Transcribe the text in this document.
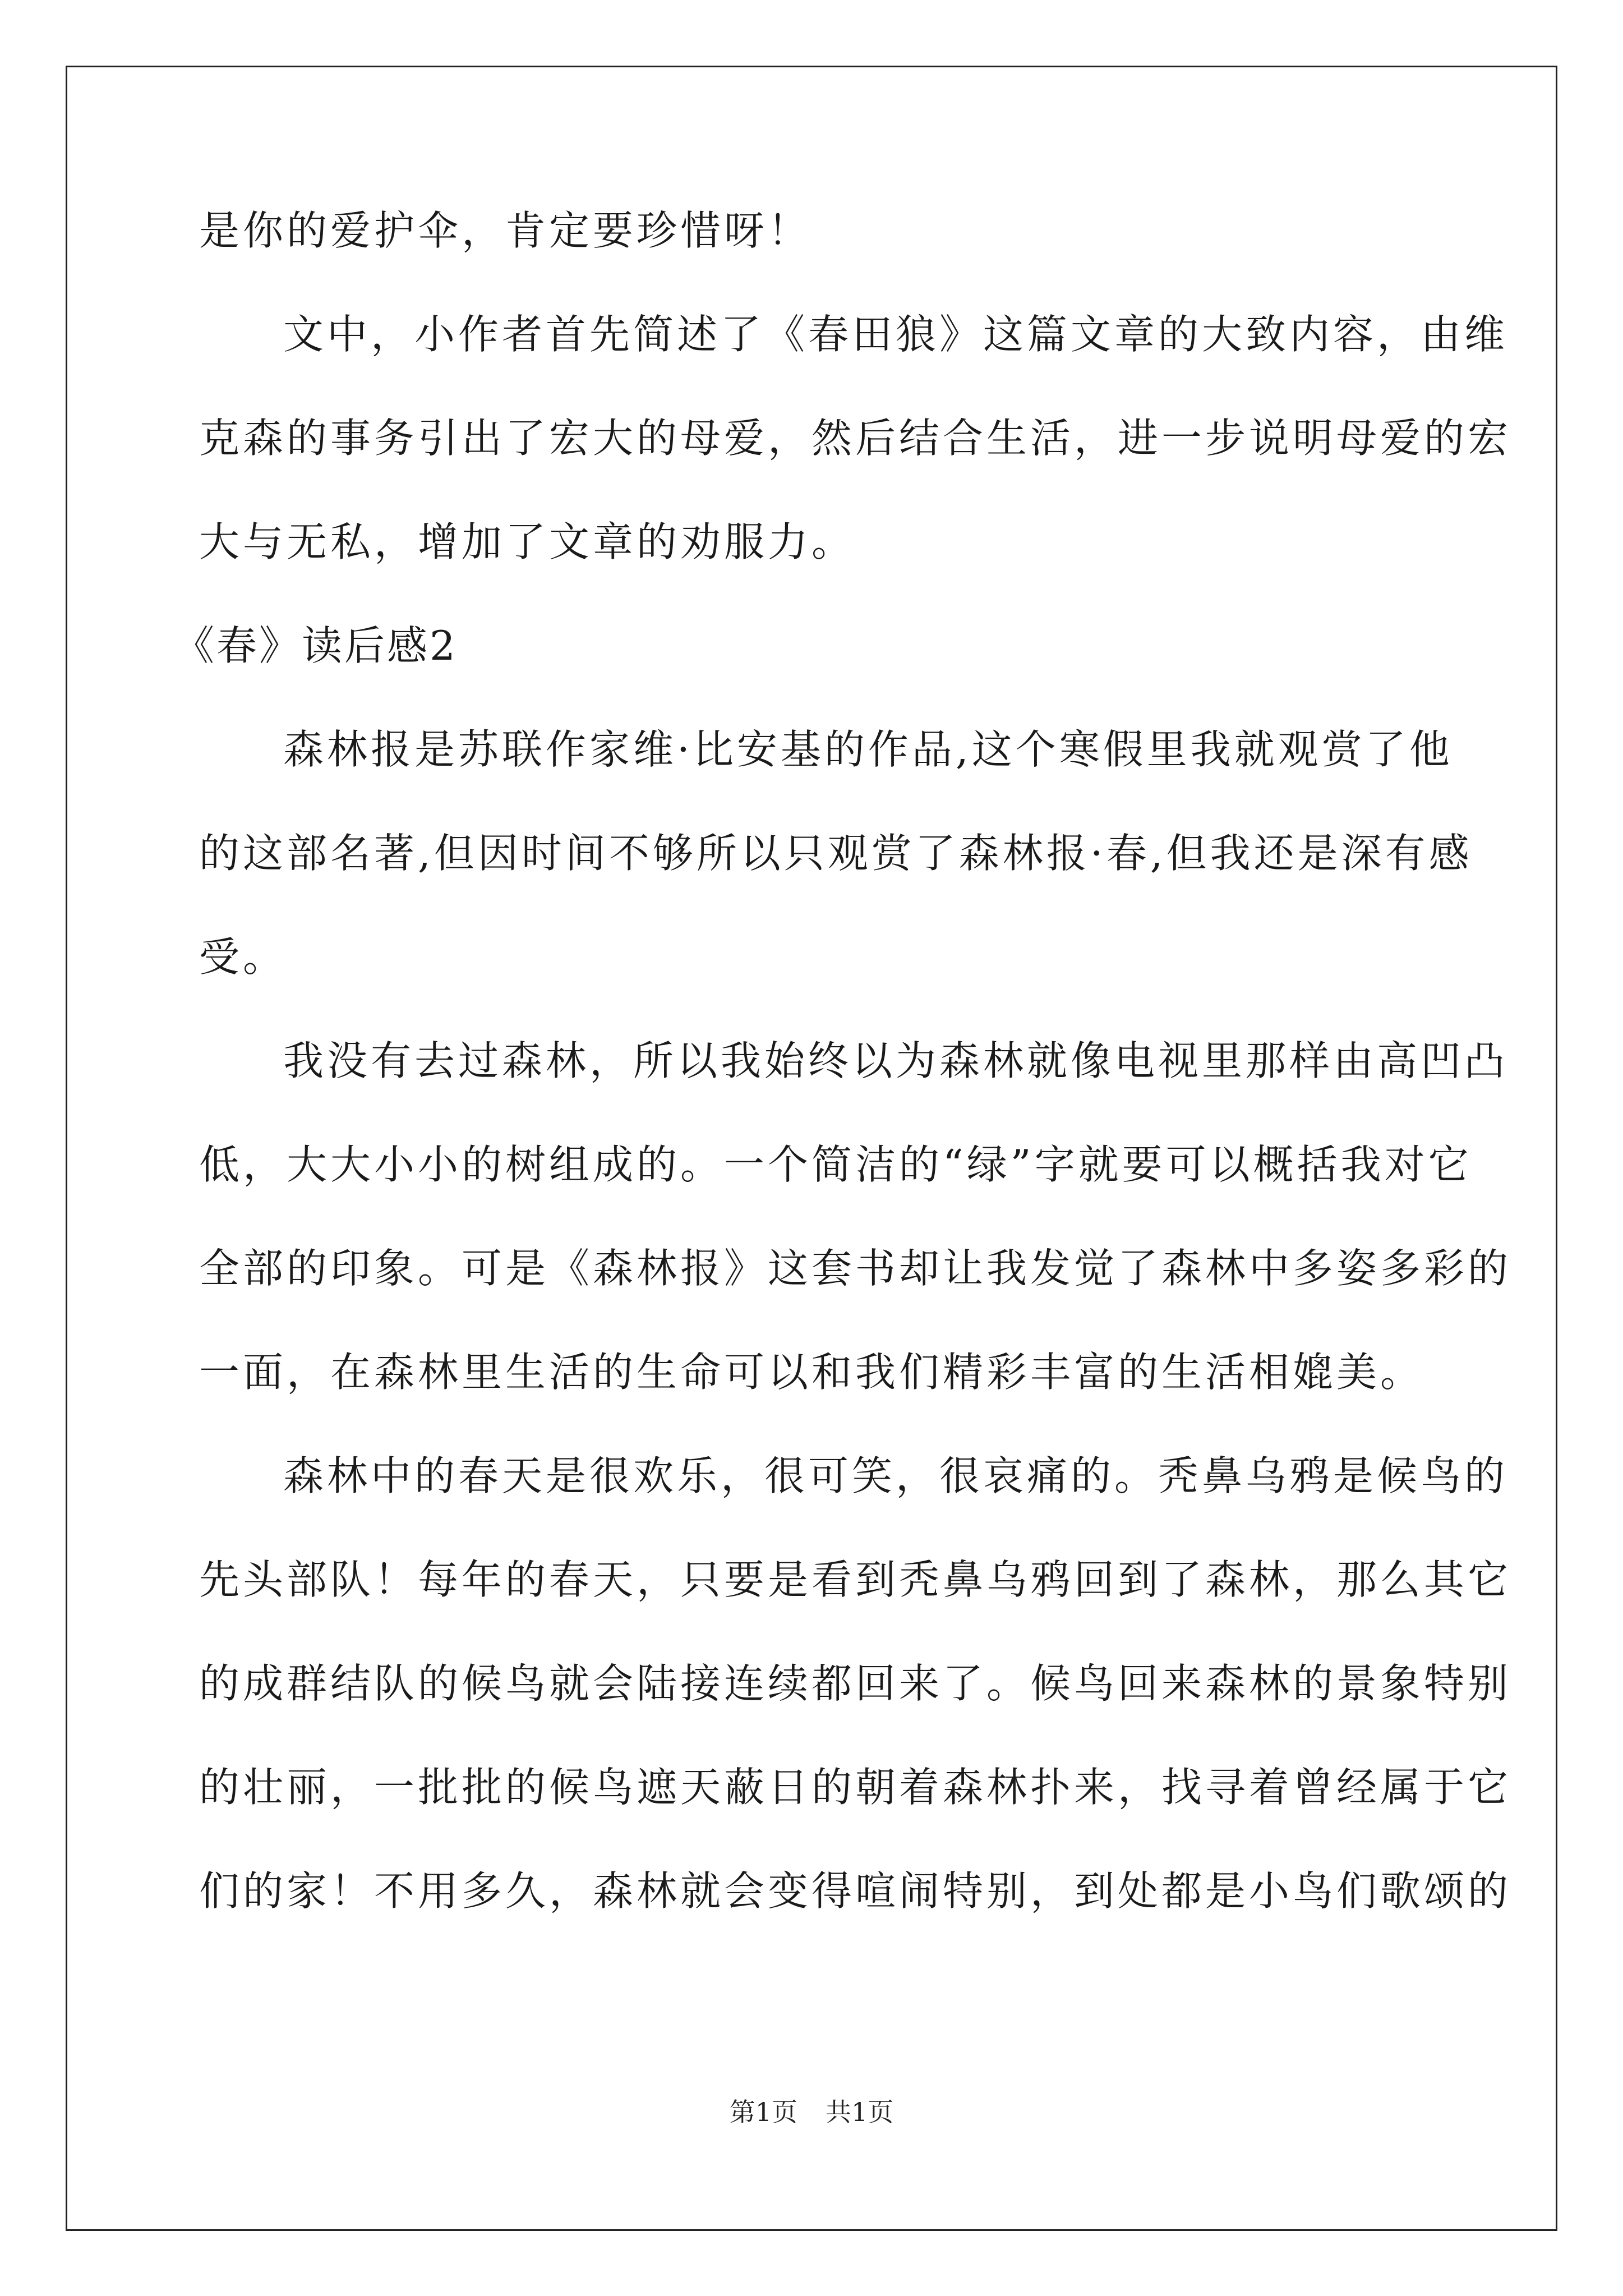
是你的爱护伞，肯定要珍惜呀！
文中，小作者首先简述了《春田狼》这篇文章的大致内容，由维
克森的事务引出了宏大的母爱，然后结合生活，进一步说明母爱的宏
大与无私，增加了文章的劝服力。
《春》读后感2
森林报是苏联作家维·比安基的作品,这个寒假里我就观赏了他
的这部名著,但因时间不够所以只观赏了森林报·春,但我还是深有感
受。
我没有去过森林，所以我始终以为森林就像电视里那样由高凹凸
低，大大小小的树组成的。一个简洁的“绿”字就要可以概括我对它
全部的印象。可是《森林报》这套书却让我发觉了森林中多姿多彩的
一面，在森林里生活的生命可以和我们精彩丰富的生活相媲美。
森林中的春天是很欢乐，很可笑，很哀痛的。秃鼻乌鸦是候鸟的
先头部队！每年的春天，只要是看到秃鼻乌鸦回到了森林，那么其它
的成群结队的候鸟就会陆接连续都回来了。候鸟回来森林的景象特别
的壮丽，一批批的候鸟遮天蔽日的朝着森林扑来，找寻着曾经属于它
们的家！不用多久，森林就会变得喧闹特别，到处都是小鸟们歌颂的
第1页 共1页
